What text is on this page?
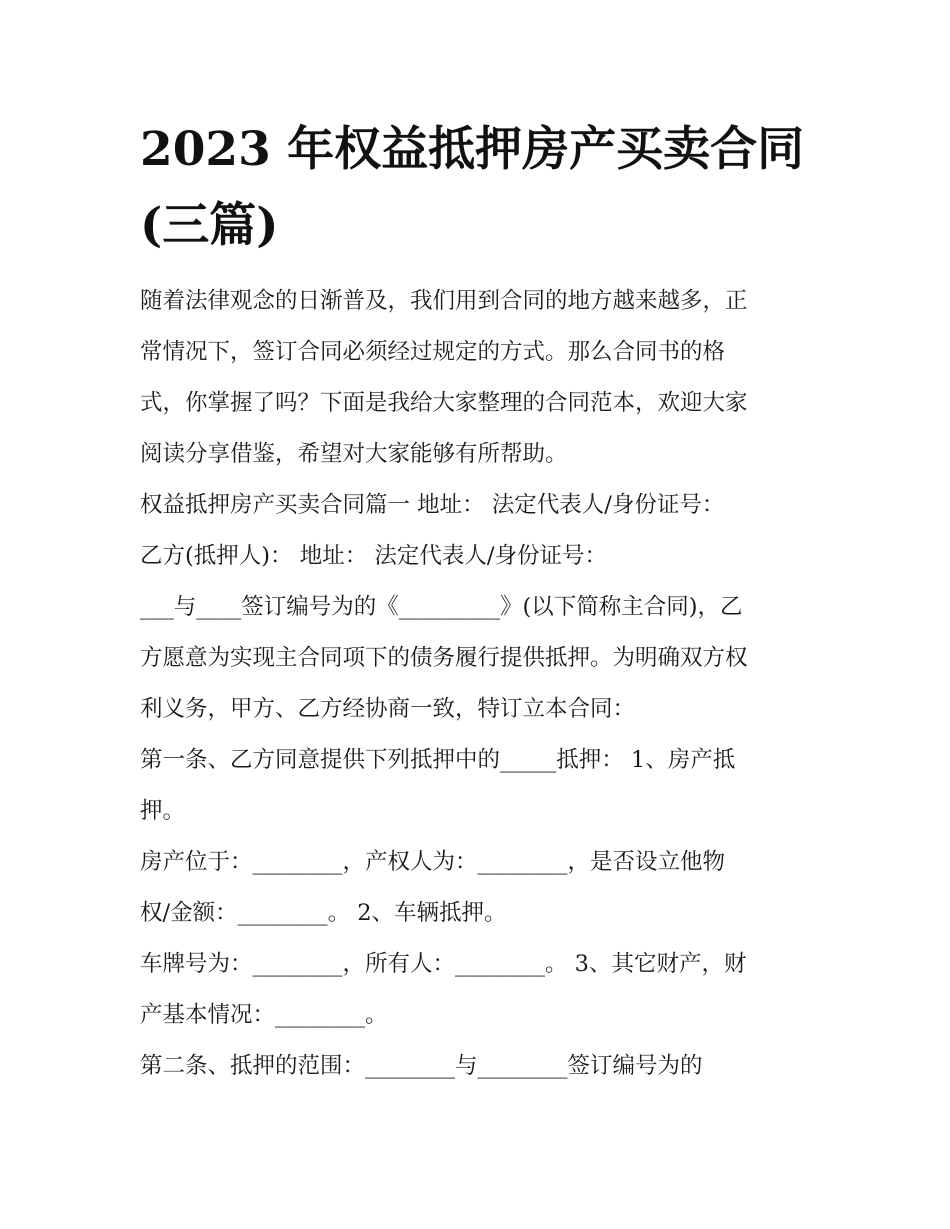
2023 年权益抵押房产买卖合同
(三篇)
随着法律观念的日渐普及，我们用到合同的地方越来越多，正
常情况下，签订合同必须经过规定的方式。那么合同书的格
式，你掌握了吗？下面是我给大家整理的合同范本，欢迎大家
阅读分享借鉴，希望对大家能够有所帮助。
权益抵押房产买卖合同篇一 地址： 法定代表人/身份证号：
乙方(抵押人)： 地址： 法定代表人/身份证号：
___与____签订编号为的《_________》(以下简称主合同)，乙
方愿意为实现主合同项下的债务履行提供抵押。为明确双方权
利义务，甲方、乙方经协商一致，特订立本合同：
第一条、乙方同意提供下列抵押中的_____抵押： 1、房产抵
押。
房产位于：________，产权人为：________，是否设立他物
权/金额：________。 2、车辆抵押。
车牌号为：________，所有人：________。 3、其它财产，财
产基本情况：________。
第二条、抵押的范围：________与________签订编号为的
